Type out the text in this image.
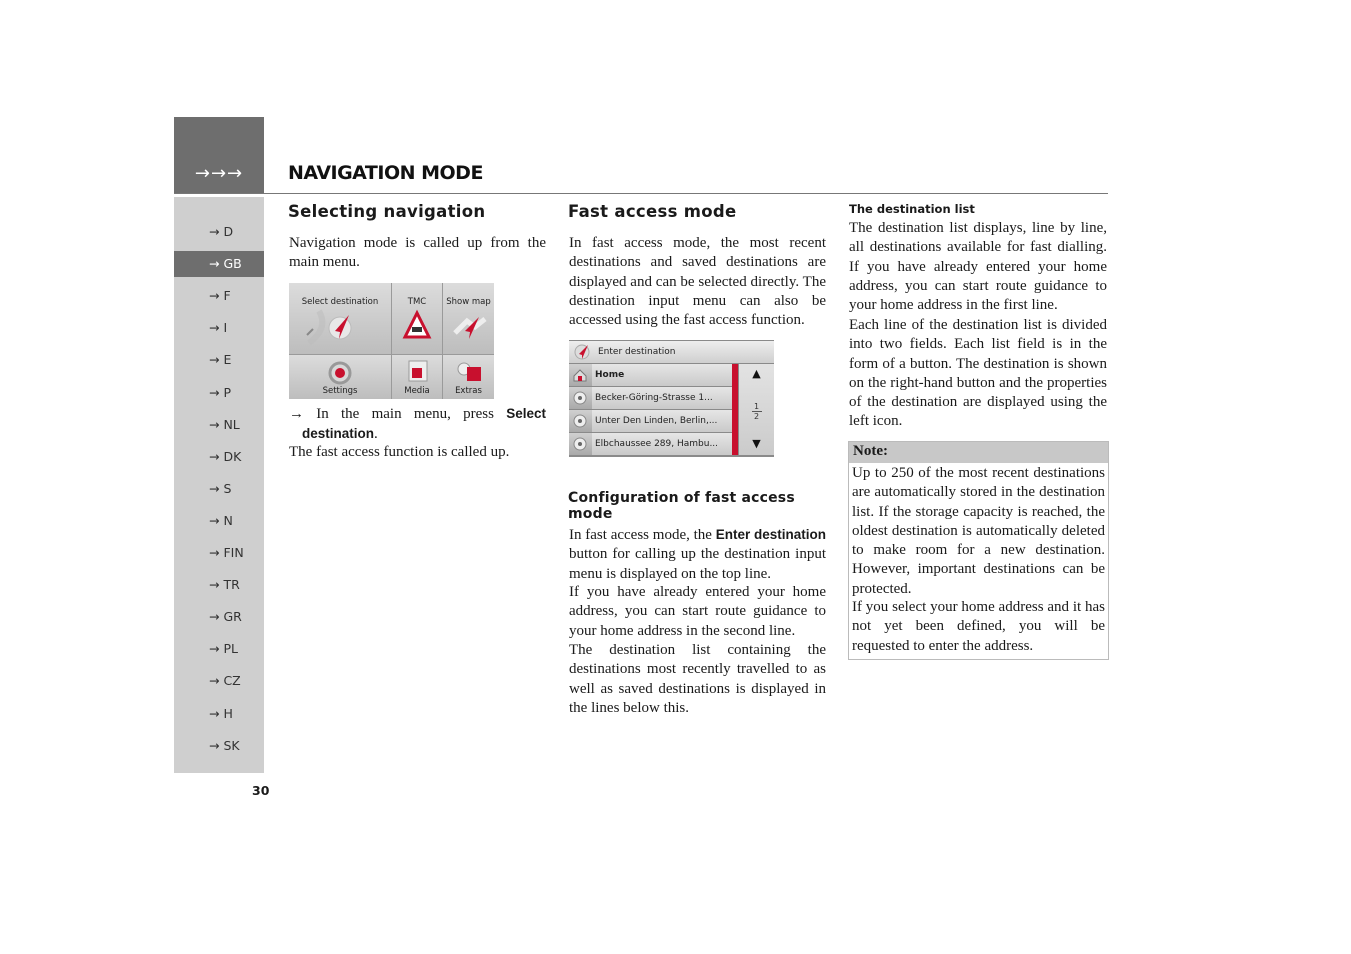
→→→	NAVIGATION MODE
→ D
→ GB
→ F
→ I
→ E
→ P
→ NL
→ DK
→ S
→ N
→ FIN
→ TR
→ GR
→ PL
→ CZ
→ H
→ SK
30
Selecting navigation

Navigation mode is called up from the main menu.

Select destination	TMC	Show map
Settings	Media	Extras

→ In the main menu, press Select destination.

The fast access function is called up.

Fast access mode

In fast access mode, the most recent destinations and saved destinations are displayed and can be selected directly. The destination input menu can also be accessed using the fast access function.

Enter destination
Home
Becker-Göring-Strasse 1...
Unter Den Linden, Berlin,...
Elbchaussee 289, Hambu...
▲
1
2
▼
Configuration of fast access mode

In fast access mode, the Enter destination button for calling up the destination input menu is displayed on the top line.

If you have already entered your home address, you can start route guidance to your home address in the second line.

The destination list containing the destinations most recently travelled to as well as saved destinations is displayed in the lines below this.

The destination list

The destination list displays, line by line, all destinations available for fast dialling. If you have already entered your home address, you can start route guidance to your home address in the first line.

Each line of the destination list is divided into two fields. Each list field is in the form of a button. The destination is shown on the right-hand button and the properties of the destination are displayed using the left icon.

Note:

Up to 250 of the most recent destinations are automatically stored in the destination list. If the storage capacity is reached, the oldest destination is automatically deleted to make room for a new destination. However, important destinations can be protected.

If you select your home address and it has not yet been defined, you will be requested to enter the address.
